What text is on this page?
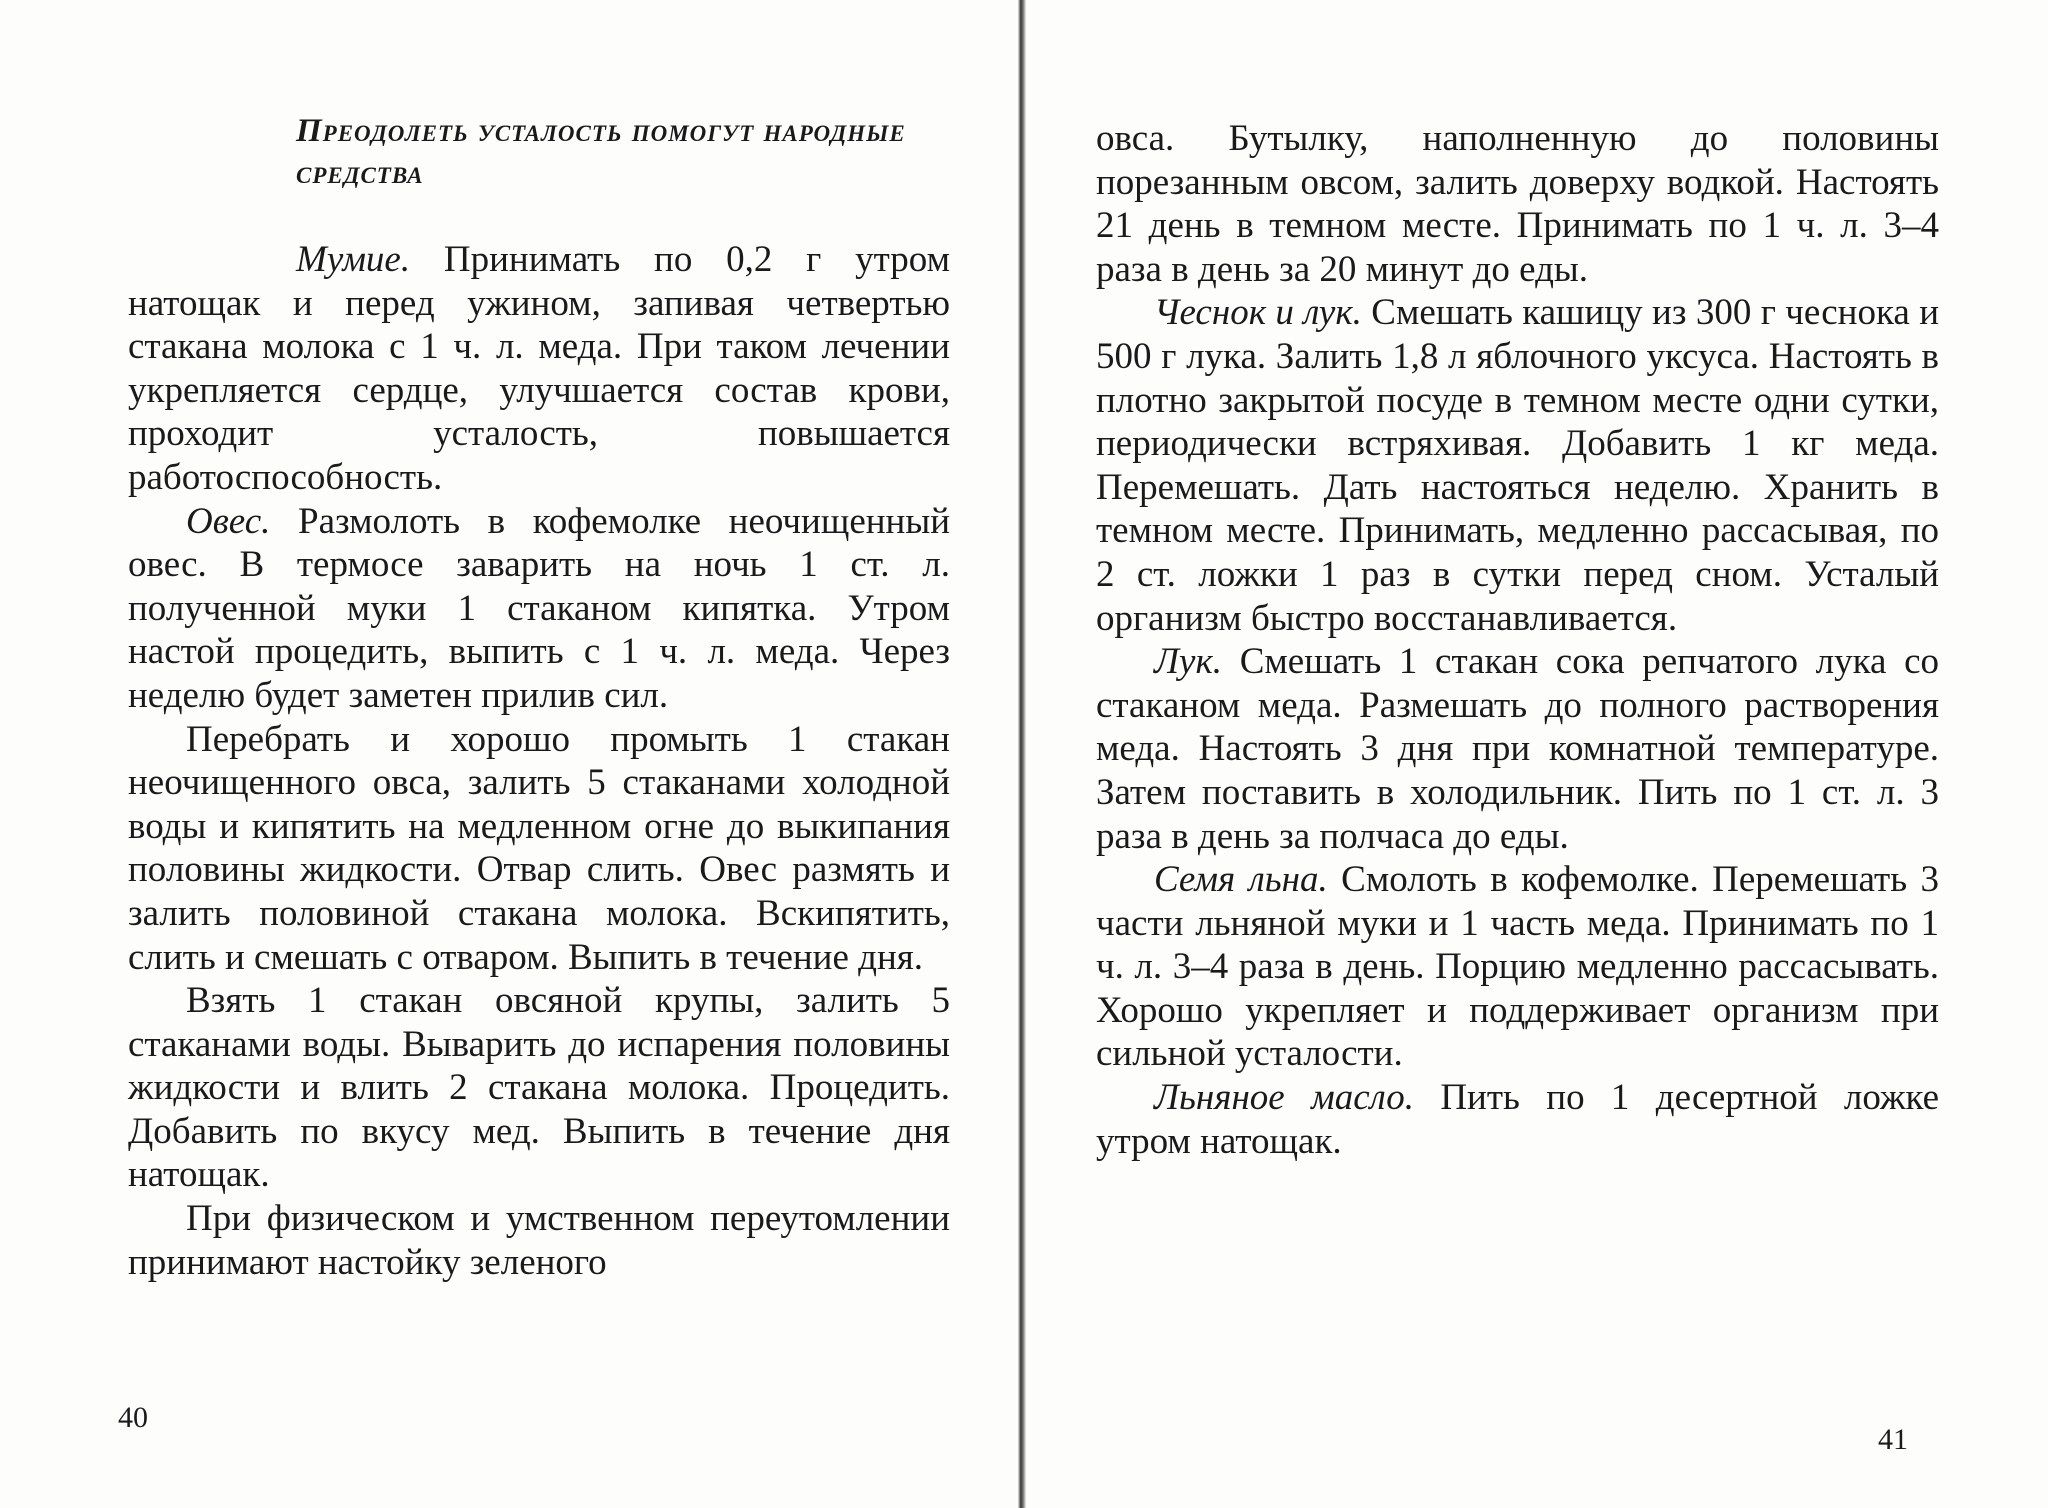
Преодолеть усталость помогут народные средства

Мумие. Принимать по 0,2 г утром натощак и перед ужином, запивая четвертью стакана молока с 1 ч. л. меда. При таком лечении укрепляется сердце, улучшается состав крови, проходит усталость, повышается работоспособность.

Овес. Размолоть в кофемолке неочищенный овес. В термосе заварить на ночь 1 ст. л. полученной муки 1 стаканом кипятка. Утром настой процедить, выпить с 1 ч. л. меда. Через неделю будет заметен прилив сил.

Перебрать и хорошо промыть 1 стакан неочищенного овса, залить 5 стаканами холодной воды и кипятить на медленном огне до выкипания половины жидкости. Отвар слить. Овес размять и залить половиной стакана молока. Вскипятить, слить и смешать с отваром. Выпить в течение дня.

Взять 1 стакан овсяной крупы, залить 5 стаканами воды. Выварить до испарения половины жидкости и влить 2 стакана молока. Процедить. Добавить по вкусу мед. Выпить в течение дня натощак.

При физическом и умственном переутомлении принимают настойку зеленого

40

овса. Бутылку, наполненную до половины порезанным овсом, залить доверху водкой. Настоять 21 день в темном месте. Принимать по 1 ч. л. 3–4 раза в день за 20 минут до еды.

Чеснок и лук. Смешать кашицу из 300 г чеснока и 500 г лука. Залить 1,8 л яблочного уксуса. Настоять в плотно закрытой посуде в темном месте одни сутки, периодически встряхивая. Добавить 1 кг меда. Перемешать. Дать настояться неделю. Хранить в темном месте. Принимать, медленно рассасывая, по 2 ст. ложки 1 раз в сутки перед сном. Усталый организм быстро восстанавливается.

Лук. Смешать 1 стакан сока репчатого лука со стаканом меда. Размешать до полного растворения меда. Настоять 3 дня при комнатной температуре. Затем поставить в холодильник. Пить по 1 ст. л. 3 раза в день за полчаса до еды.

Семя льна. Смолоть в кофемолке. Перемешать 3 части льняной муки и 1 часть меда. Принимать по 1 ч. л. 3–4 раза в день. Порцию медленно рассасывать. Хорошо укрепляет и поддерживает организм при сильной усталости.

Льняное масло. Пить по 1 десертной ложке утром натощак.

41
